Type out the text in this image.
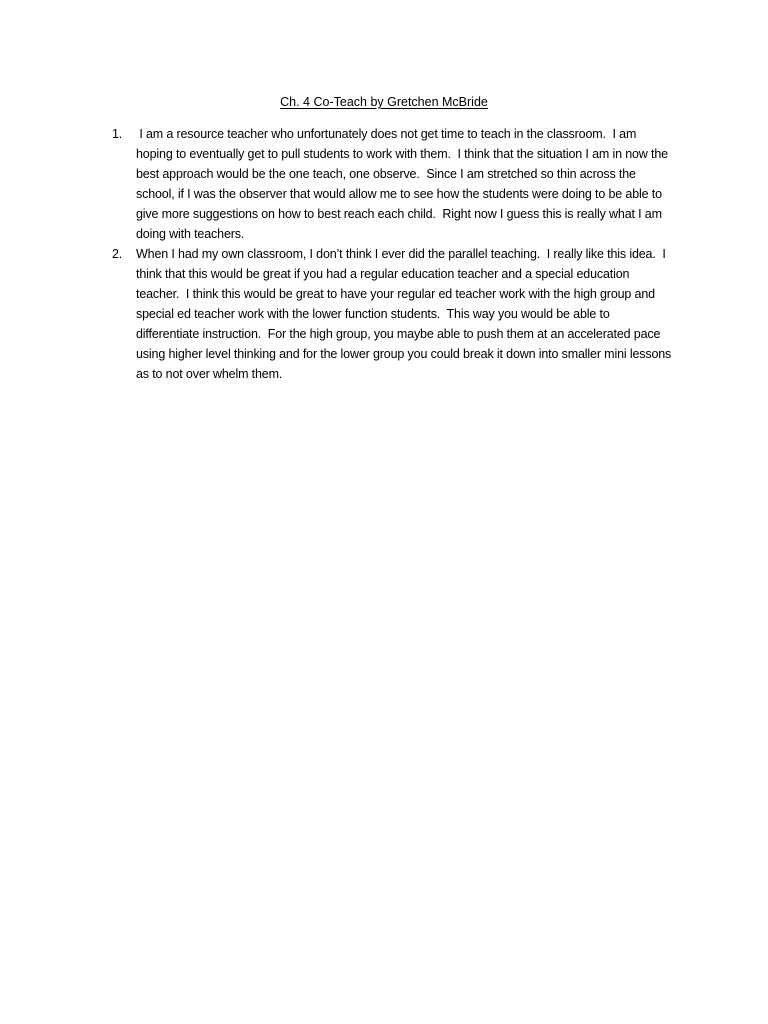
Ch. 4 Co-Teach by Gretchen McBride
1. I am a resource teacher who unfortunately does not get time to teach in the classroom.  I am hoping to eventually get to pull students to work with them.  I think that the situation I am in now the best approach would be the one teach, one observe.  Since I am stretched so thin across the school, if I was the observer that would allow me to see how the students were doing to be able to give more suggestions on how to best reach each child.  Right now I guess this is really what I am doing with teachers.
2. When I had my own classroom, I don’t think I ever did the parallel teaching.  I really like this idea.  I think that this would be great if you had a regular education teacher and a special education teacher.  I think this would be great to have your regular ed teacher work with the high group and special ed teacher work with the lower function students.  This way you would be able to differentiate instruction.  For the high group, you maybe able to push them at an accelerated pace using higher level thinking and for the lower group you could break it down into smaller mini lessons as to not over whelm them.
